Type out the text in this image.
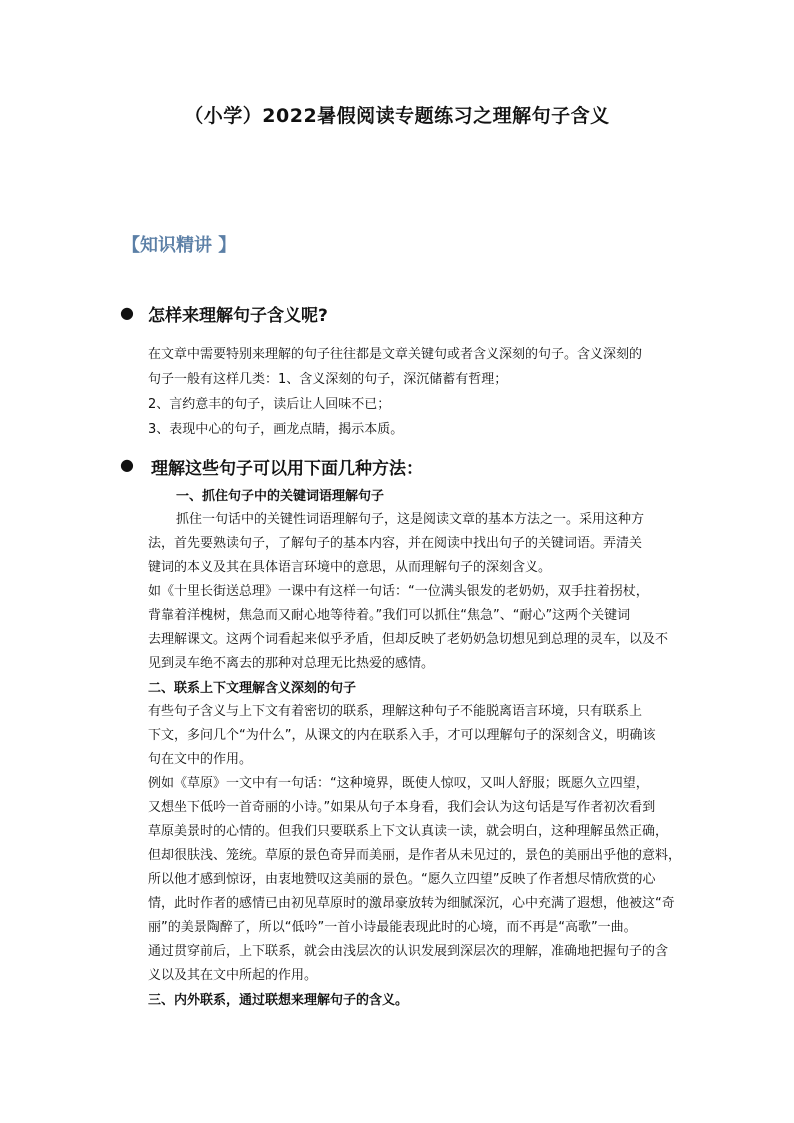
（小学）2022暑假阅读专题练习之理解句子含义
【知识精讲 】
● 怎样来理解句子含义呢?
在文章中需要特别来理解的句子往往都是文章关键句或者含义深刻的句子。含义深刻的
句子一般有这样几类：1、含义深刻的句子，深沉储蓄有哲理；
2、言约意丰的句子，读后让人回味不已；
3、表现中心的句子，画龙点睛，揭示本质。
● 理解这些句子可以用下面几种方法：
一、抓住句子中的关键词语理解句子
抓住一句话中的关键性词语理解句子，这是阅读文章的基本方法之一。采用这种方
法，首先要熟读句子，了解句子的基本内容，并在阅读中找出句子的关键词语。弄清关
键词的本义及其在具体语言环境中的意思，从而理解句子的深刻含义。
如《十里长街送总理》一课中有这样一句话：“一位满头银发的老奶奶，双手拄着拐杖，
背靠着洋槐树，焦急而又耐心地等待着。”我们可以抓住“焦急”、“耐心”这两个关键词
去理解课文。这两个词看起来似乎矛盾，但却反映了老奶奶急切想见到总理的灵车，以及不
见到灵车绝不离去的那种对总理无比热爱的感情。
二、联系上下文理解含义深刻的句子
有些句子含义与上下文有着密切的联系，理解这种句子不能脱离语言环境，只有联系上
下文，多问几个“为什么”，从课文的内在联系入手，才可以理解句子的深刻含义，明确该
句在文中的作用。
例如《草原》一文中有一句话：“这种境界，既使人惊叹，又叫人舒服；既愿久立四望，
又想坐下低吟一首奇丽的小诗。”如果从句子本身看，我们会认为这句话是写作者初次看到
草原美景时的心情的。但我们只要联系上下文认真读一读，就会明白，这种理解虽然正确，
但却很肤浅、笼统。草原的景色奇异而美丽，是作者从未见过的，景色的美丽出乎他的意料，
所以他才感到惊讶，由衷地赞叹这美丽的景色。“愿久立四望”反映了作者想尽情欣赏的心
情，此时作者的感情已由初见草原时的激昂豪放转为细腻深沉，心中充满了遐想，他被这“奇
丽”的美景陶醉了，所以“低吟”一首小诗最能表现此时的心境，而不再是“高歌”一曲。
通过贯穿前后，上下联系，就会由浅层次的认识发展到深层次的理解，准确地把握句子的含
义以及其在文中所起的作用。
三、内外联系，通过联想来理解句子的含义。
